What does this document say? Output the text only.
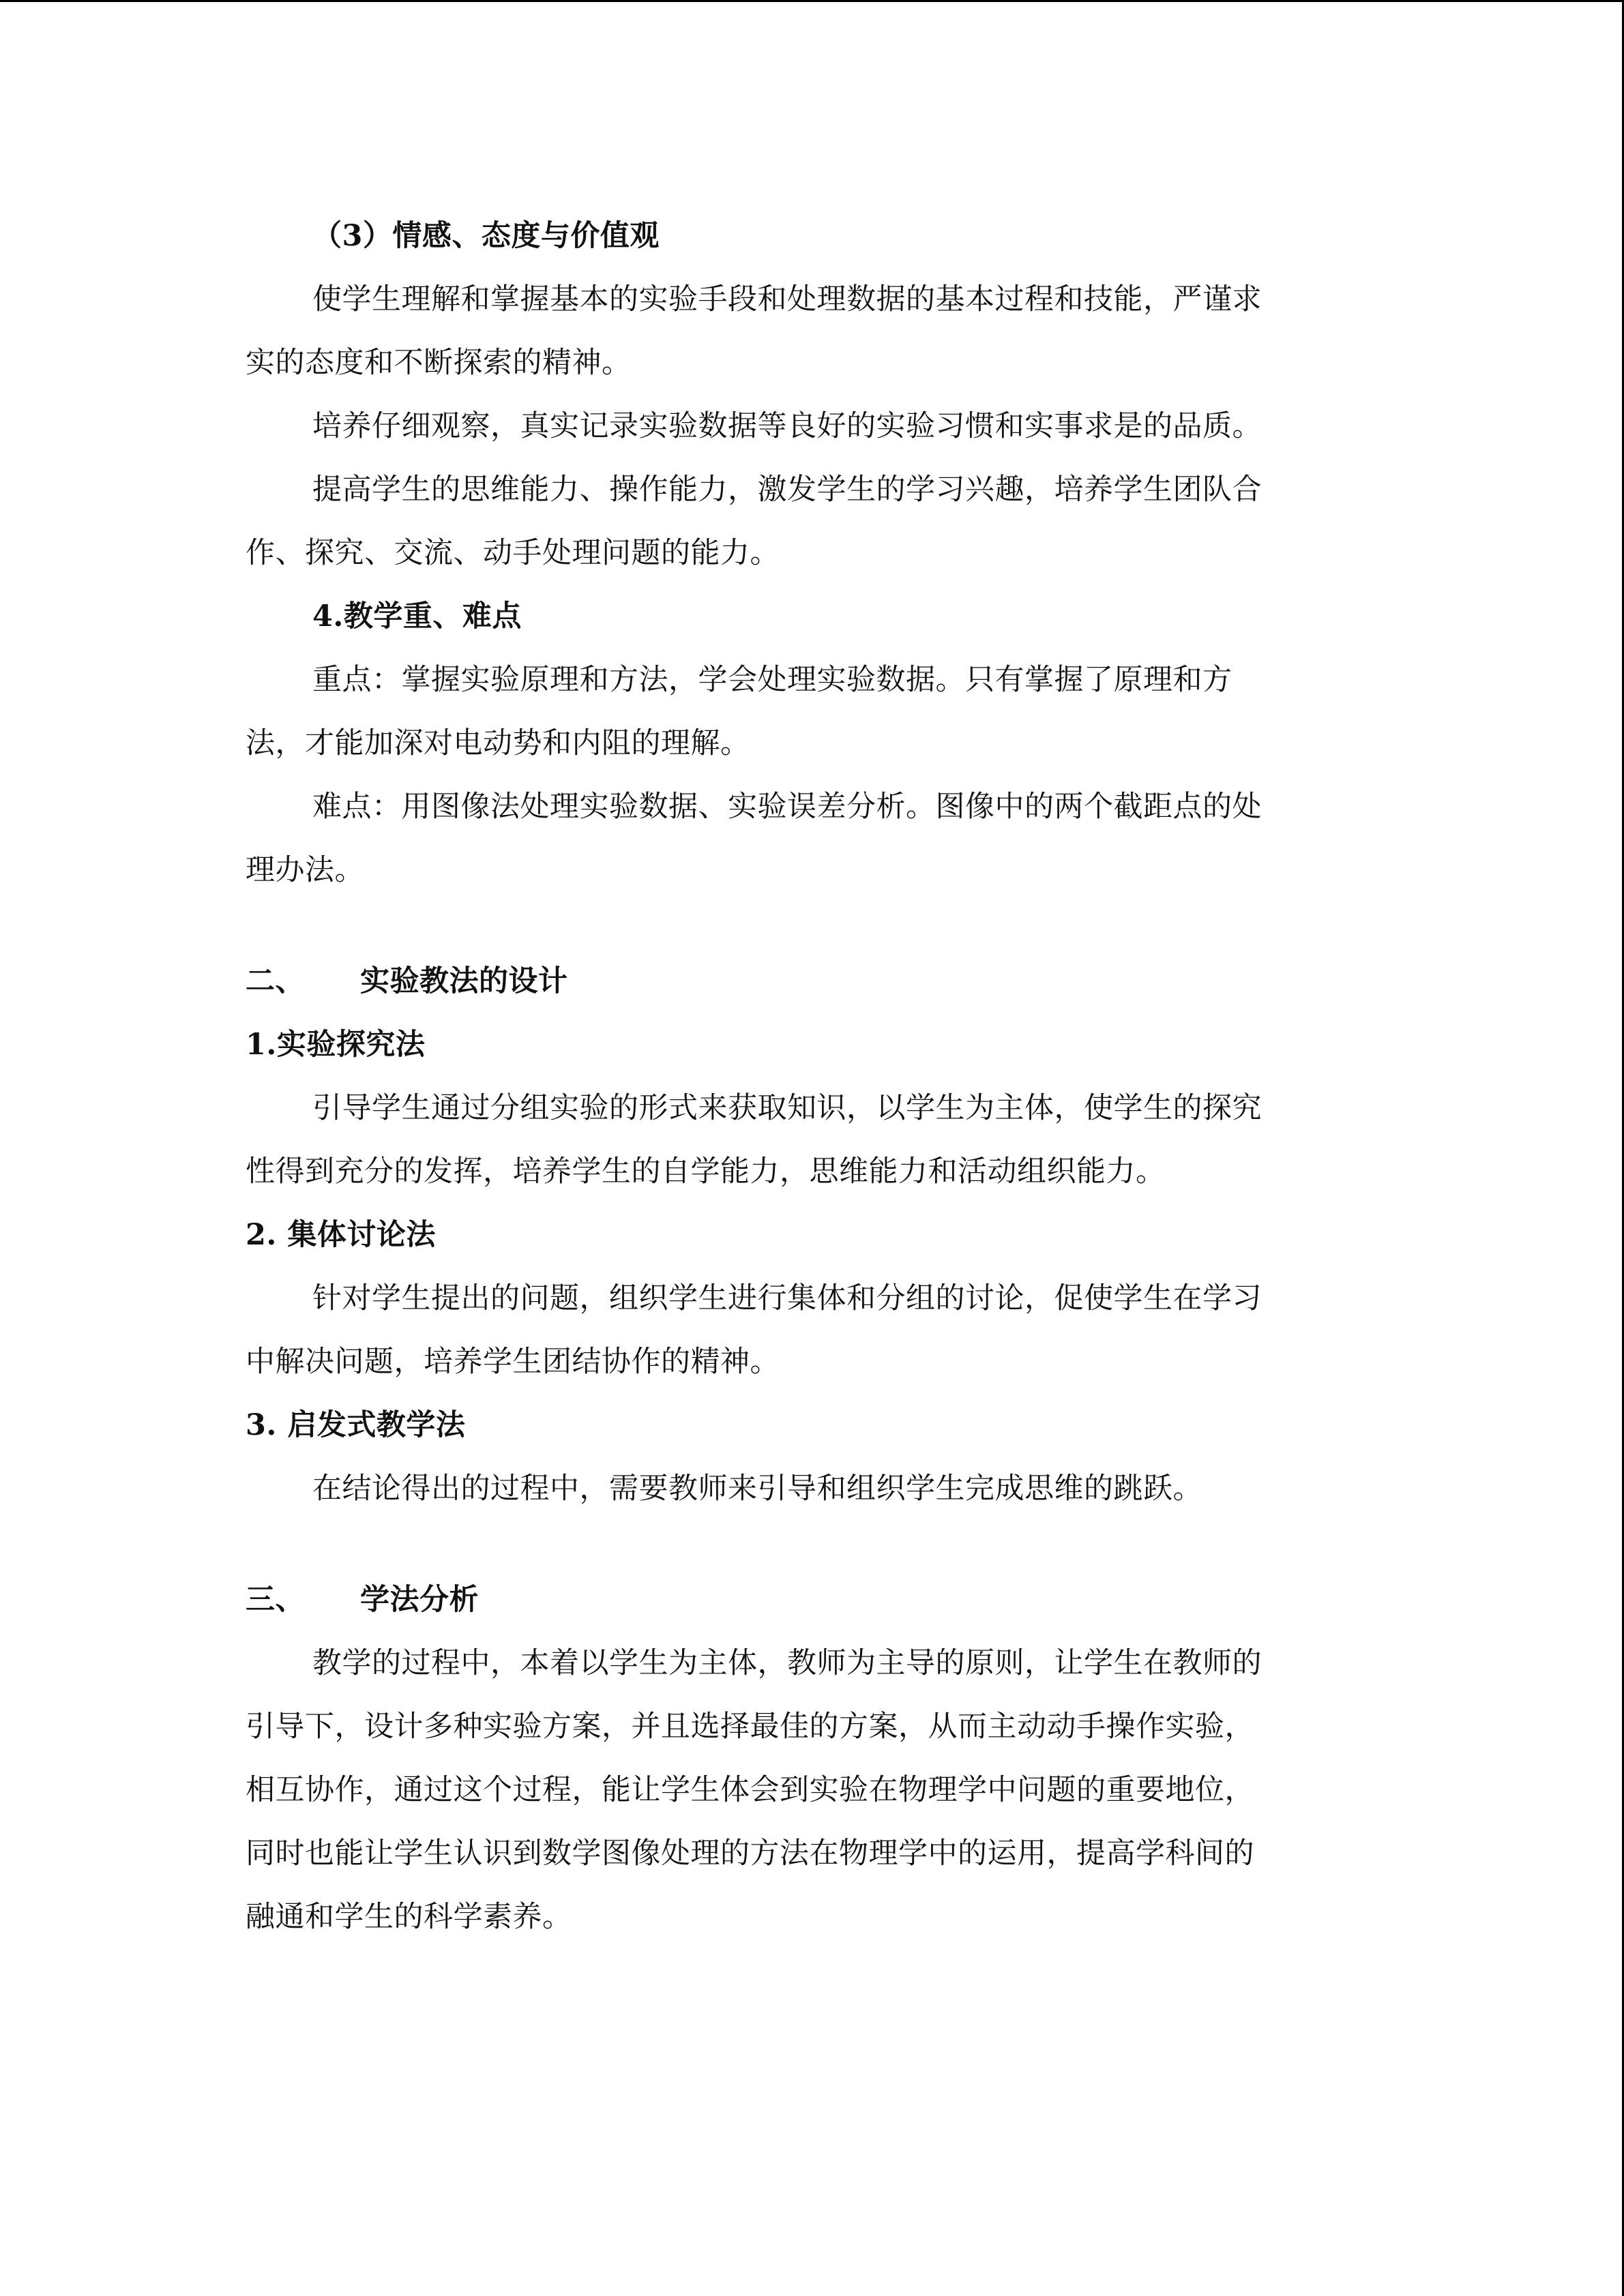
（3）情感、态度与价值观
使学生理解和掌握基本的实验手段和处理数据的基本过程和技能，严谨求
实的态度和不断探索的精神。
培养仔细观察，真实记录实验数据等良好的实验习惯和实事求是的品质。
提高学生的思维能力、操作能力，激发学生的学习兴趣，培养学生团队合
作、探究、交流、动手处理问题的能力。
4.教学重、难点
重点：掌握实验原理和方法，学会处理实验数据。只有掌握了原理和方
法，才能加深对电动势和内阻的理解。
难点：用图像法处理实验数据、实验误差分析。图像中的两个截距点的处
理办法。
二、 实验教法的设计
1.实验探究法
引导学生通过分组实验的形式来获取知识，以学生为主体，使学生的探究
性得到充分的发挥，培养学生的自学能力，思维能力和活动组织能力。
2. 集体讨论法
针对学生提出的问题，组织学生进行集体和分组的讨论，促使学生在学习
中解决问题，培养学生团结协作的精神。
3. 启发式教学法
在结论得出的过程中，需要教师来引导和组织学生完成思维的跳跃。
三、 学法分析
教学的过程中，本着以学生为主体，教师为主导的原则，让学生在教师的
引导下，设计多种实验方案，并且选择最佳的方案，从而主动动手操作实验，
相互协作，通过这个过程，能让学生体会到实验在物理学中问题的重要地位，
同时也能让学生认识到数学图像处理的方法在物理学中的运用，提高学科间的
融通和学生的科学素养。
